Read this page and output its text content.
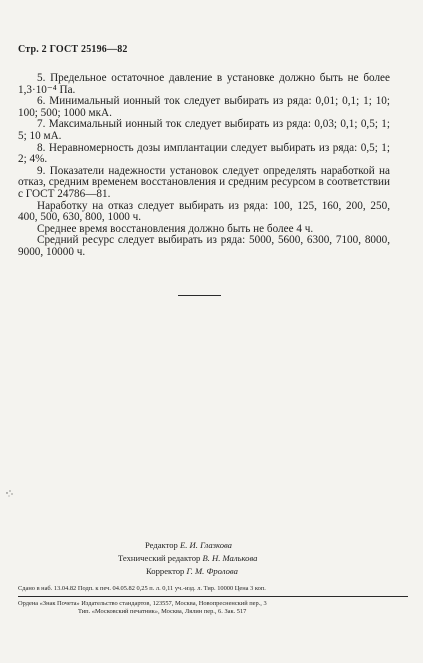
Стр. 2 ГОСТ 25196—82

5. Предельное остаточное давление в установке должно быть не более 1,3·10⁻⁴ Па.

6. Минимальный ионный ток следует выбирать из ряда: 0,01; 0,1; 1; 10; 100; 500; 1000 мкА.

7. Максимальный ионный ток следует выбирать из ряда: 0,03; 0,1; 0,5; 1; 5; 10 мА.

8. Неравномерность дозы имплантации следует выбирать из ряда: 0,5; 1; 2; 4%.

9. Показатели надежности установок следует определять наработкой на отказ, средним временем восстановления и средним ресурсом в соответствии с ГОСТ 24786—81.

Наработку на отказ следует выбирать из ряда: 100, 125, 160, 200, 250, 400, 500, 630, 800, 1000 ч.

Среднее время восстановления должно быть не более 4 ч.

Средний ресурс следует выбирать из ряда: 5000, 5600, 6300, 7100, 8000, 9000, 10000 ч.

Редактор Е. И. Глазкова
Технический редактор В. Н. Малькова
Корректор Г. М. Фролова
Сдано в наб. 13.04.82 Подп. к печ. 04.05.82 0,25 п. л. 0,11 уч.-изд. л. Тир. 10000 Цена 3 коп.
Ордена «Знак Почета» Издательство стандартов, 123557, Москва, Новопресненский пер., 3
Тип. «Московский печатник», Москва, Лялин пер., 6. Зак. 517
